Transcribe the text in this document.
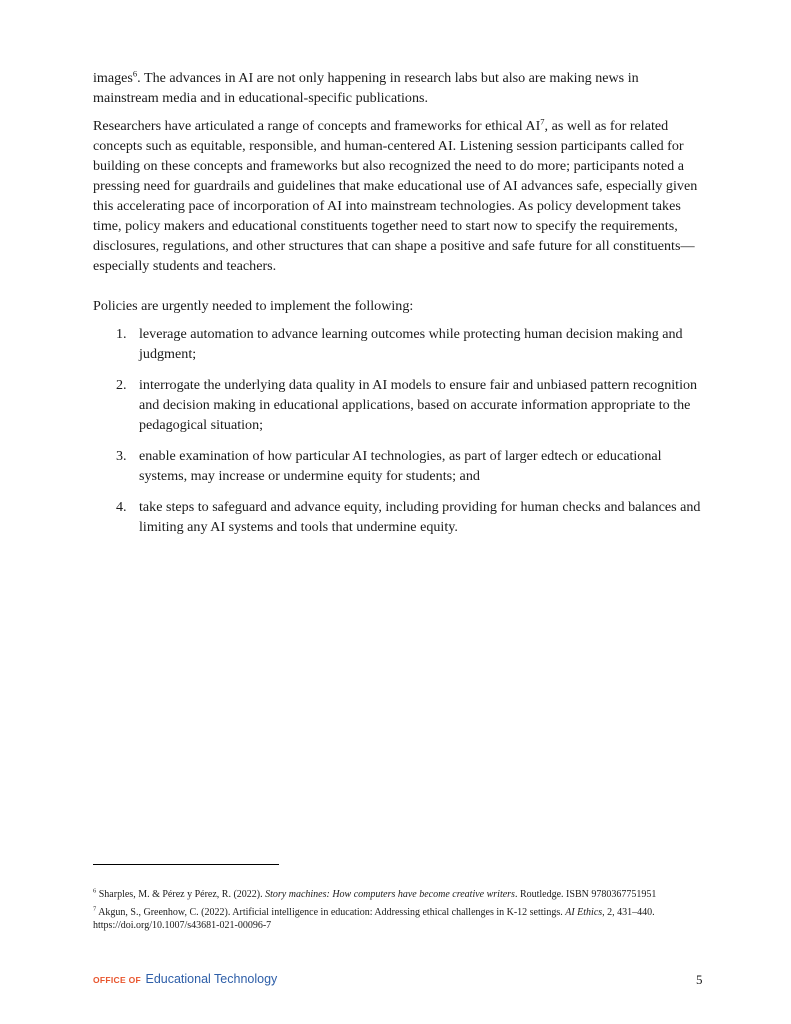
images$^6$. The advances in AI are not only happening in research labs but also are making news in mainstream media and in educational-specific publications.

Researchers have articulated a range of concepts and frameworks for ethical $AI^7$, as well as for related concepts such as equitable, responsible, and human-centered AI. Listening session participants called for building on these concepts and frameworks but also recognized the need to do more; participants noted a pressing need for guardrails and guidelines that make educational use of AI advances safe, especially given this accelerating pace of incorporation of AI into mainstream technologies. As policy development takes time, policy makers and educational constituents together need to start now to specify the requirements, disclosures, regulations, and other structures that can shape a positive and safe future for all constituents—especially students and teachers.

Policies are urgently needed to implement the following:

1. leverage automation to advance learning outcomes while protecting human decision making and judgment;
2. interrogate the underlying data quality in AI models to ensure fair and unbiased pattern recognition and decision making in educational applications, based on accurate information appropriate to the pedagogical situation;
3. enable examination of how particular AI technologies, as part of larger edtech or educational systems, may increase or undermine equity for students; and
4. take steps to safeguard and advance equity, including providing for human checks and balances and limiting any AI systems and tools that undermine equity.

$^6$ Sharples, M. & Pérez y Pérez, R. (2022). Story machines: How computers have become creative writers. Routledge. ISBN 9780367751951

$^7$ Akgun, S., Greenhow, C. (2022). Artificial intelligence in education: Addressing ethical challenges in K-12 settings. AI Ethics, 2, 431–440. https://doi.org/10.1007/s43681-021-00096-7

OFFICE OF Educational Technology	5
